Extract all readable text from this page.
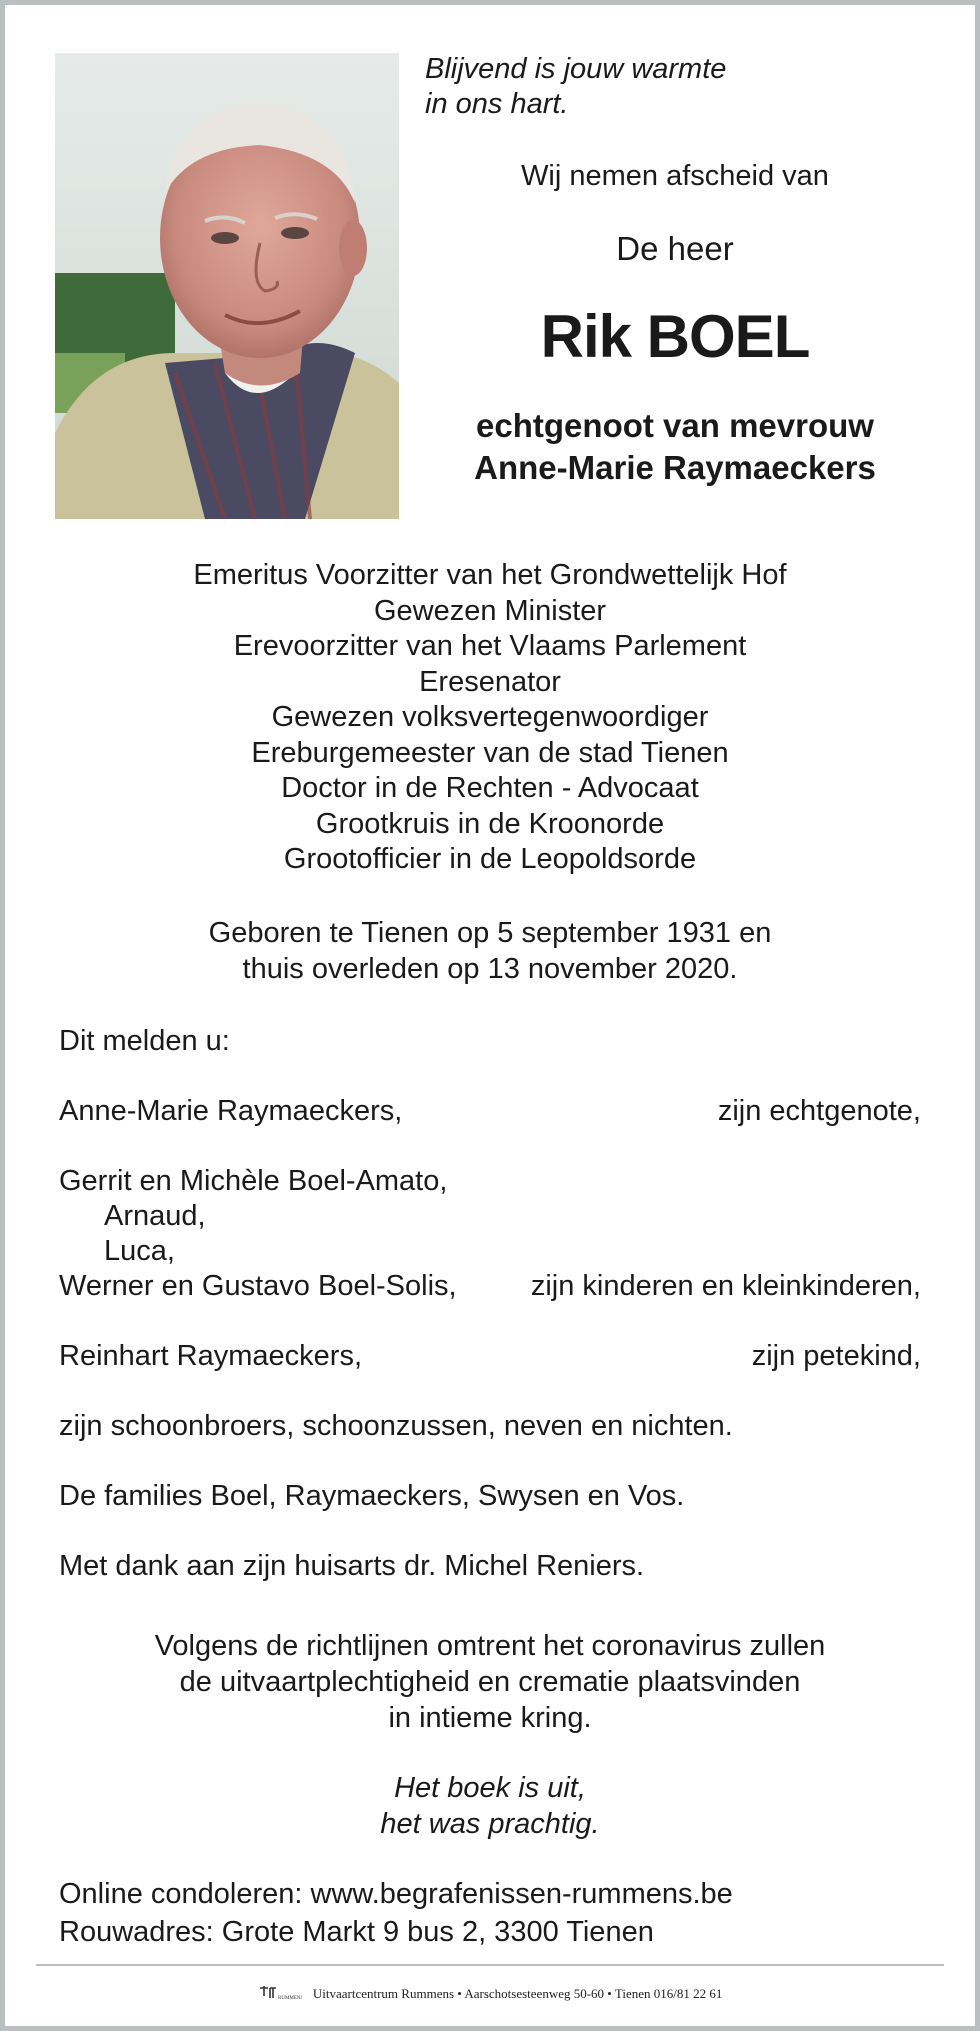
Blijvend is jouw warmte
in ons hart.
Wij nemen afscheid van
De heer
Rik BOEL
echtgenoot van mevrouw
Anne-Marie Raymaeckers
Emeritus Voorzitter van het Grondwettelijk Hof
Gewezen Minister
Erevoorzitter van het Vlaams Parlement
Eresenator
Gewezen volksvertegenwoordiger
Ereburgemeester van de stad Tienen
Doctor in de Rechten - Advocaat
Grootkruis in de Kroonorde
Grootofficier in de Leopoldsorde
Geboren te Tienen op 5 september 1931 en
thuis overleden op 13 november 2020.
Dit melden u:
Anne-Marie Raymaeckers,	zijn echtgenote,
Gerrit en Michèle Boel-Amato,
Arnaud,
Luca,
Werner en Gustavo Boel-Solis,	zijn kinderen en kleinkinderen,
Reinhart Raymaeckers,	zijn petekind,
zijn schoonbroers, schoonzussen, neven en nichten.
De families Boel, Raymaeckers, Swysen en Vos.
Met dank aan zijn huisarts dr. Michel Reniers.
Volgens de richtlijnen omtrent het coronavirus zullen
de uitvaartplechtigheid en crematie plaatsvinden
in intieme kring.
Het boek is uit,
het was prachtig.
Online condoleren: www.begrafenissen-rummens.be
Rouwadres: Grote Markt 9 bus 2, 3300 Tienen
RUMMENS Uitvaartcentrum Rummens • Aarschotsesteenweg 50-60 • Tienen 016/81 22 61
